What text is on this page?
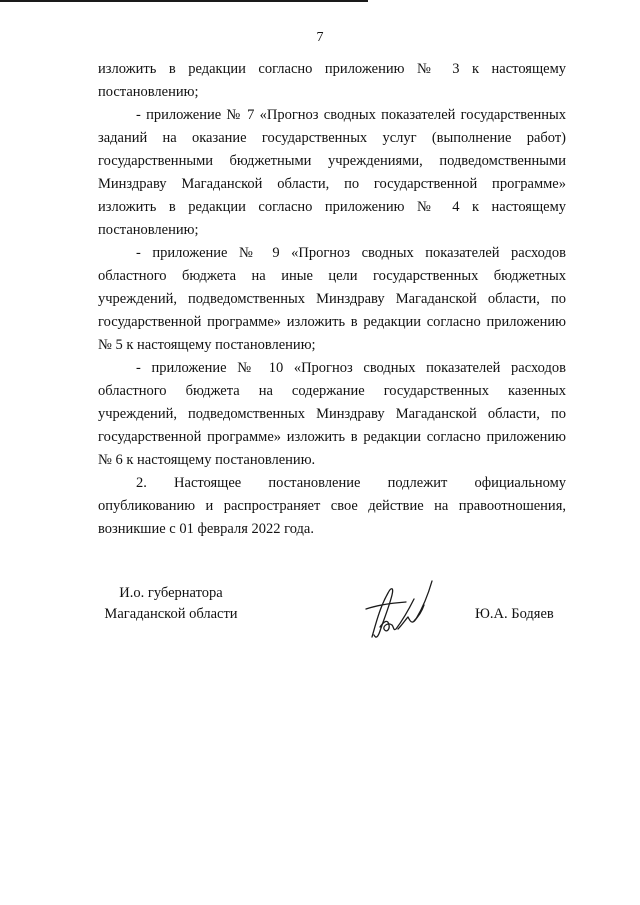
7

изложить в редакции согласно приложению № 3 к настоящему постановлению;

- приложение № 7 «Прогноз сводных показателей государственных заданий на оказание государственных услуг (выполнение работ) государственными бюджетными учреждениями, подведомственными Минздраву Магаданской области, по государственной программе» изложить в редакции согласно приложению № 4 к настоящему постановлению;

- приложение № 9 «Прогноз сводных показателей расходов областного бюджета на иные цели государственных бюджетных учреждений, подведомственных Минздраву Магаданской области, по государственной программе» изложить в редакции согласно приложению № 5 к настоящему постановлению;

- приложение № 10 «Прогноз сводных показателей расходов областного бюджета на содержание государственных казенных учреждений, подведомственных Минздраву Магаданской области, по государственной программе» изложить в редакции согласно приложению № 6 к настоящему постановлению.

2. Настоящее постановление подлежит официальному опубликованию и распространяет свое действие на правоотношения, возникшие с 01 февраля 2022 года.

И.о. губернатора
Магаданской области	Ю.А. Бодяев
